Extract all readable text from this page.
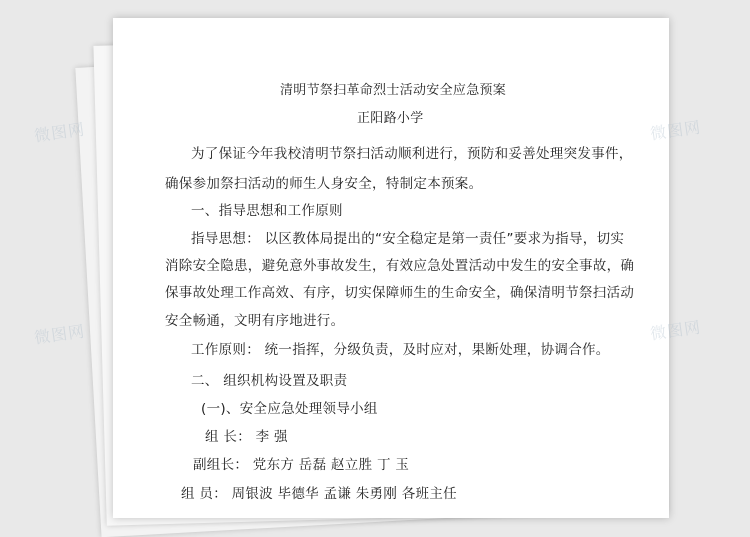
清明节祭扫革命烈士活动安全应急预案
正阳路小学
为了保证今年我校清明节祭扫活动顺利进行，预防和妥善处理突发事件，
确保参加祭扫活动的师生人身安全，特制定本预案。
一、指导思想和工作原则
指导思想： 以区教体局提出的“安全稳定是第一责任”要求为指导，切实
消除安全隐患，避免意外事故发生，有效应急处置活动中发生的安全事故，确
保事故处理工作高效、有序，切实保障师生的生命安全，确保清明节祭扫活动
安全畅通，文明有序地进行。
工作原则： 统一指挥，分级负责，及时应对，果断处理，协调合作。
二、 组织机构设置及职责
(一)、安全应急处理领导小组
组 长： 李 强
副组长： 党东方 岳磊 赵立胜 丁 玉
组 员： 周银波 毕德华 孟谦 朱勇刚 各班主任
微图网	微图网
微图网	微图网
